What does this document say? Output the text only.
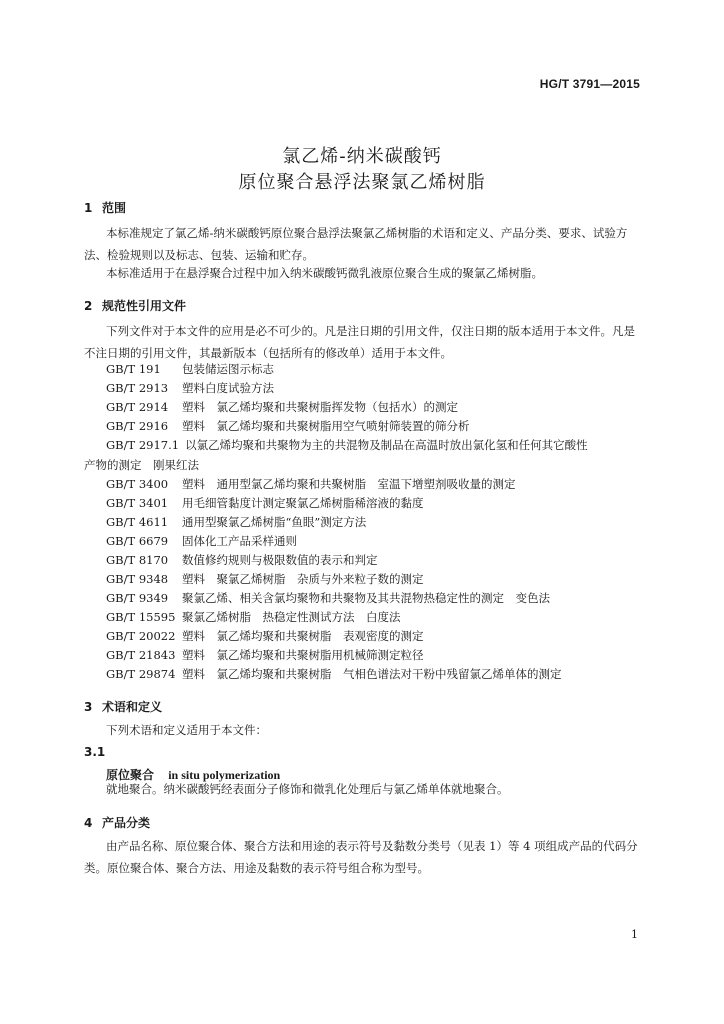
HG/T 3791—2015
氯乙烯-纳米碳酸钙
原位聚合悬浮法聚氯乙烯树脂
1 范围
本标准规定了氯乙烯-纳米碳酸钙原位聚合悬浮法聚氯乙烯树脂的术语和定义、产品分类、要求、试验方法、检验规则以及标志、包装、运输和贮存。
本标准适用于在悬浮聚合过程中加入纳米碳酸钙微乳液原位聚合生成的聚氯乙烯树脂。
2 规范性引用文件
下列文件对于本文件的应用是必不可少的。凡是注日期的引用文件，仅注日期的版本适用于本文件。凡是不注日期的引用文件，其最新版本（包括所有的修改单）适用于本文件。
GB/T 191 包装储运图示标志
GB/T 2913 塑料白度试验方法
GB/T 2914 塑料　氯乙烯均聚和共聚树脂挥发物（包括水）的测定
GB/T 2916 塑料　氯乙烯均聚和共聚树脂用空气喷射筛装置的筛分析
GB/T 2917.1 以氯乙烯均聚和共聚物为主的共混物及制品在高温时放出氯化氢和任何其它酸性
产物的测定　刚果红法
GB/T 3400 塑料　通用型氯乙烯均聚和共聚树脂　室温下增塑剂吸收量的测定
GB/T 3401 用毛细管黏度计测定聚氯乙烯树脂稀溶液的黏度
GB/T 4611 通用型聚氯乙烯树脂“鱼眼”测定方法
GB/T 6679 固体化工产品采样通则
GB/T 8170 数值修约规则与极限数值的表示和判定
GB/T 9348 塑料　聚氯乙烯树脂　杂质与外来粒子数的测定
GB/T 9349 聚氯乙烯、相关含氯均聚物和共聚物及其共混物热稳定性的测定　变色法
GB/T 15595 聚氯乙烯树脂　热稳定性测试方法　白度法
GB/T 20022 塑料　氯乙烯均聚和共聚树脂　表观密度的测定
GB/T 21843 塑料　氯乙烯均聚和共聚树脂用机械筛测定粒径
GB/T 29874 塑料　氯乙烯均聚和共聚树脂　气相色谱法对干粉中残留氯乙烯单体的测定
3 术语和定义
下列术语和定义适用于本文件：
3.1
原位聚合 in situ polymerization
就地聚合。纳米碳酸钙经表面分子修饰和微乳化处理后与氯乙烯单体就地聚合。
4 产品分类
由产品名称、原位聚合体、聚合方法和用途的表示符号及黏数分类号（见表 1）等 4 项组成产品的代码分类。原位聚合体、聚合方法、用途及黏数的表示符号组合称为型号。
1
